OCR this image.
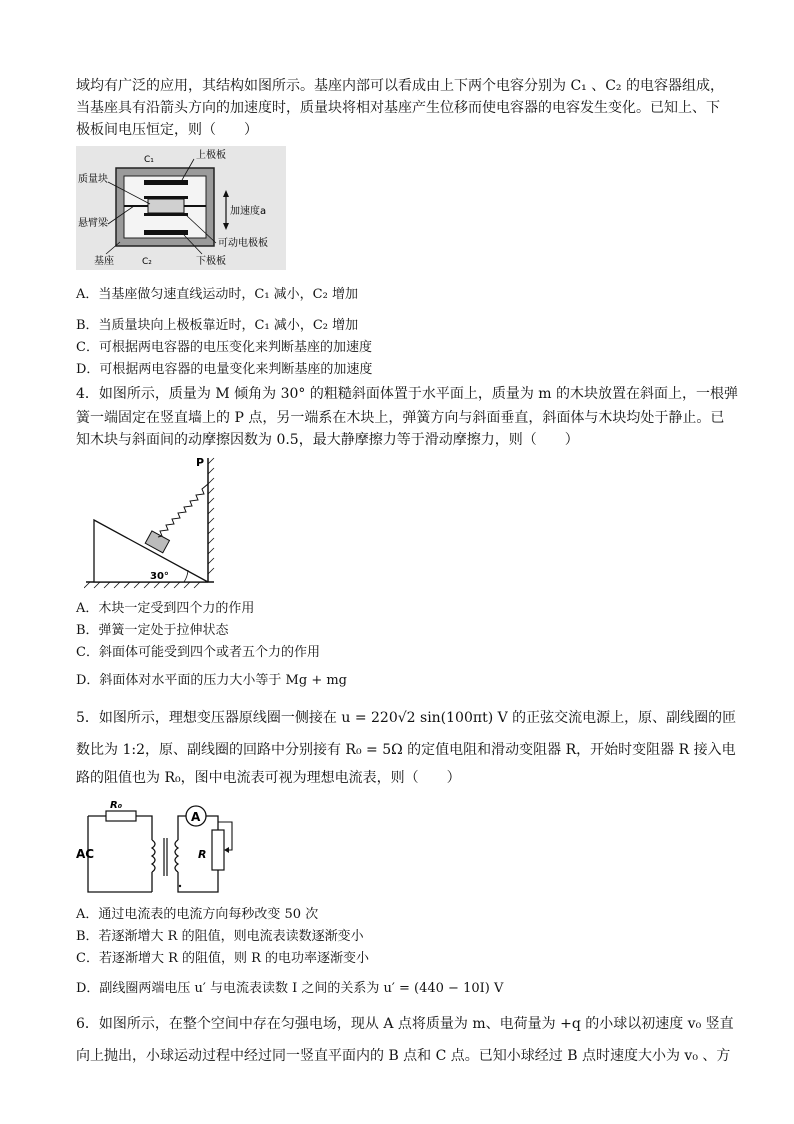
域均有广泛的应用，其结构如图所示。基座内部可以看成由上下两个电容分别为 C₁ 、C₂ 的电容器组成，
当基座具有沿箭头方向的加速度时，质量块将相对基座产生位移而使电容器的电容发生变化。已知上、下
极板间电压恒定，则（　　）
C₁	上极板
质量块
悬臂梁
加速度a
可动电极板
基座	C₂	下极板
A．当基座做匀速直线运动时，C₁ 减小，C₂ 增加
B．当质量块向上极板靠近时，C₁ 减小，C₂ 增加
C．可根据两电容器的电压变化来判断基座的加速度
D．可根据两电容器的电量变化来判断基座的加速度
4．如图所示，质量为 M 倾角为 30° 的粗糙斜面体置于水平面上，质量为 m 的木块放置在斜面上，一根弹
簧一端固定在竖直墙上的 P 点，另一端系在木块上，弹簧方向与斜面垂直，斜面体与木块均处于静止。已
知木块与斜面间的动摩擦因数为 0.5，最大静摩擦力等于滑动摩擦力，则（　　）
P
30°
A．木块一定受到四个力的作用
B．弹簧一定处于拉伸状态
C．斜面体可能受到四个或者五个力的作用
D．斜面体对水平面的压力大小等于 Mg + mg
5．如图所示，理想变压器原线圈一侧接在 u = 220√2 sin(100πt) V 的正弦交流电源上，原、副线圈的匝
数比为 1:2，原、副线圈的回路中分别接有 R₀ = 5Ω 的定值电阻和滑动变阻器 R，开始时变阻器 R 接入电
路的阻值也为 R₀，图中电流表可视为理想电流表，则（　　）
R₀
AC
A
R
A．通过电流表的电流方向每秒改变 50 次
B．若逐渐增大 R 的阻值，则电流表读数逐渐变小
C．若逐渐增大 R 的阻值，则 R 的电功率逐渐变小
D．副线圈两端电压 u′ 与电流表读数 I 之间的关系为 u′ = (440 − 10I) V
6．如图所示，在整个空间中存在匀强电场，现从 A 点将质量为 m、电荷量为 +q 的小球以初速度 v₀ 竖直
向上抛出，小球运动过程中经过同一竖直平面内的 B 点和 C 点。已知小球经过 B 点时速度大小为 v₀ 、方
